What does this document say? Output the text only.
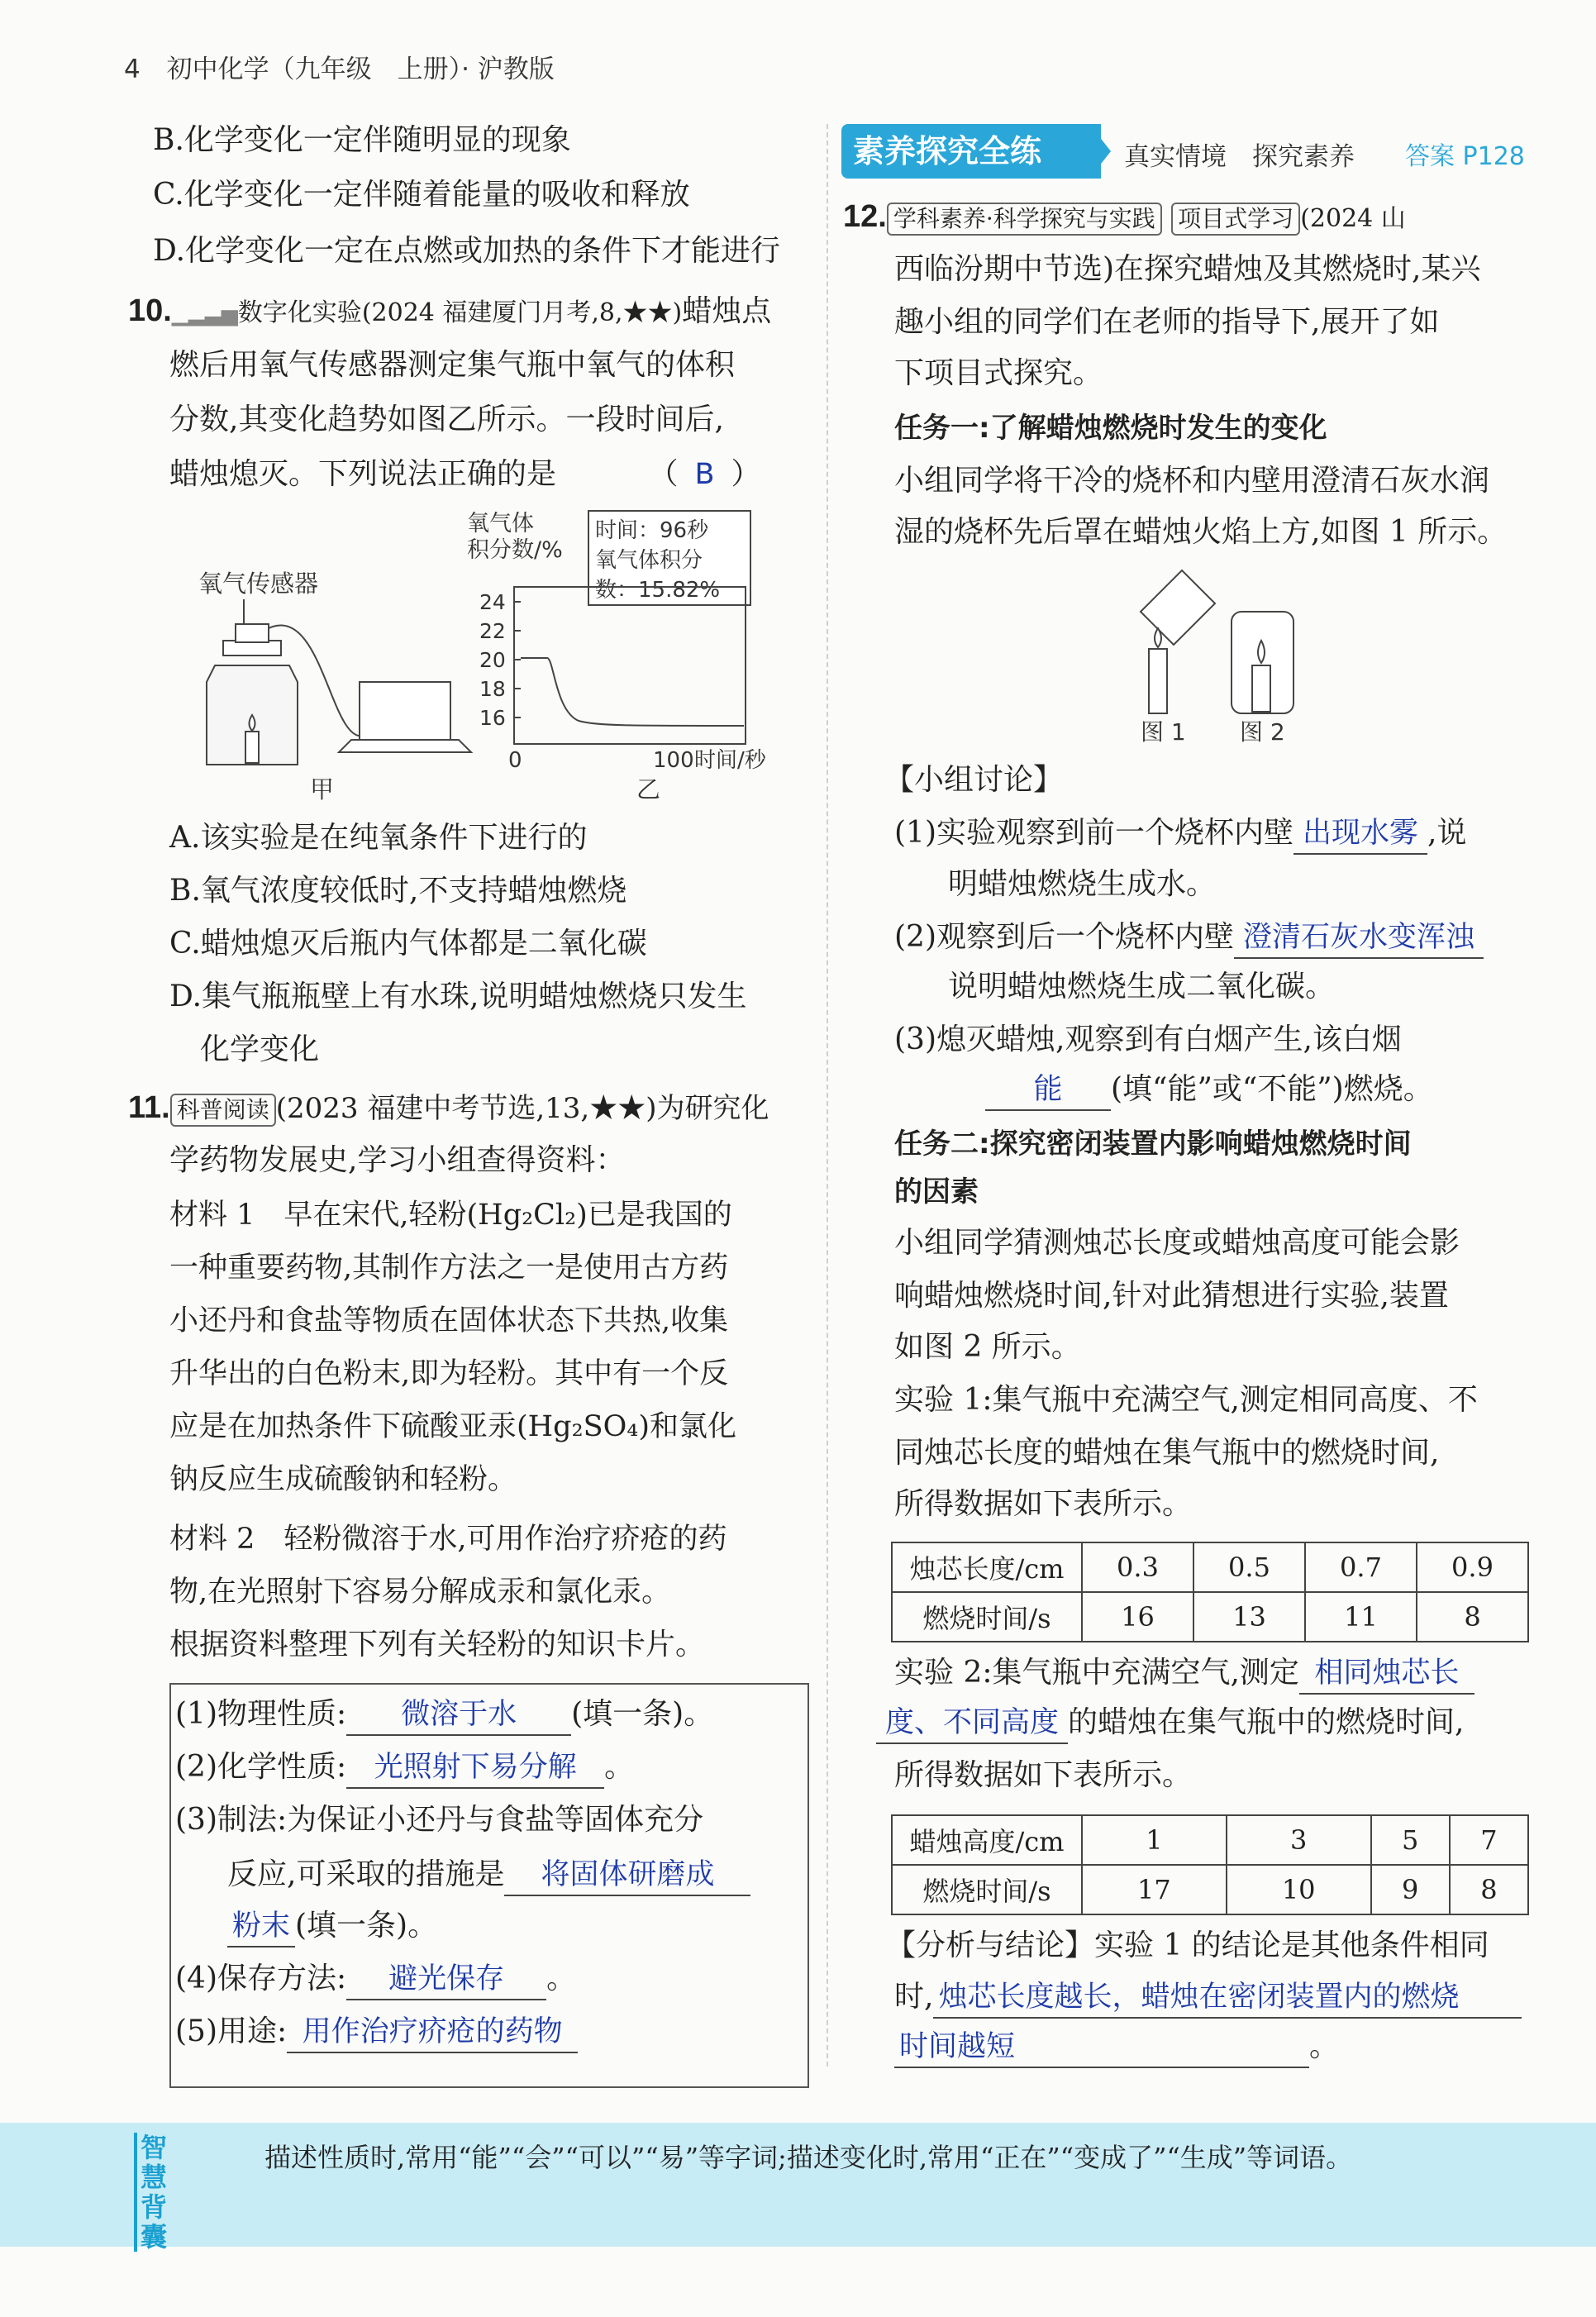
4 初中化学（九年级　上册）· 沪教版
B.化学变化一定伴随明显的现象
C.化学变化一定伴随着能量的吸收和释放
D.化学变化一定在点燃或加热的条件下才能进行
10.▁▂▃▅数字化实验(2024 福建厦门月考,8,★★)蜡烛点
燃后用氧气传感器测定集气瓶中氧气的体积
分数,其变化趋势如图乙所示。一段时间后,
蜡烛熄灭。下列说法正确的是	（ B ）
氧气传感器
甲
氧气体
积分数/%
时间：96秒
氧气体积分
数：15.82%
24
22
20
18
16
0	100 时间/秒
乙
A.该实验是在纯氧条件下进行的
B.氧气浓度较低时,不支持蜡烛燃烧
C.蜡烛熄灭后瓶内气体都是二氧化碳
D.集气瓶瓶壁上有水珠,说明蜡烛燃烧只发生
化学变化
11. 科普阅读 (2023 福建中考节选,13,★★)为研究化
学药物发展史,学习小组查得资料：
材料 1　早在宋代,轻粉(Hg₂Cl₂)已是我国的
一种重要药物,其制作方法之一是使用古方药
小还丹和食盐等物质在固体状态下共热,收集
升华出的白色粉末,即为轻粉。其中有一个反
应是在加热条件下硫酸亚汞(Hg₂SO₄)和氯化
钠反应生成硫酸钠和轻粉。
材料 2　轻粉微溶于水,可用作治疗疥疮的药
物,在光照射下容易分解成汞和氯化汞。
根据资料整理下列有关轻粉的知识卡片。
(1)物理性质: 微溶于水 (填一条)。
(2)化学性质: 光照射下易分解 。
(3)制法:为保证小还丹与食盐等固体充分
反应,可采取的措施是 将固体研磨成
粉末 (填一条)。
(4)保存方法: 避光保存 。
(5)用途: 用作治疗疥疮的药物
素养探究全练	真实情境　探究素养 答案 P128
12. 学科素养·科学探究与实践 项目式学习 (2024 山
西临汾期中节选)在探究蜡烛及其燃烧时,某兴
趣小组的同学们在老师的指导下,展开了如
下项目式探究。
任务一:了解蜡烛燃烧时发生的变化
小组同学将干冷的烧杯和内壁用澄清石灰水润
湿的烧杯先后罩在蜡烛火焰上方,如图 1 所示。
图 1 图 2
【小组讨论】
(1)实验观察到前一个烧杯内壁 出现水雾 ,说
明蜡烛燃烧生成水。
(2)观察到后一个烧杯内壁 澄清石灰水变浑浊
说明蜡烛燃烧生成二氧化碳。
(3)熄灭蜡烛,观察到有白烟产生,该白烟
能 (填“能”或“不能”)燃烧。
任务二:探究密闭装置内影响蜡烛燃烧时间
的因素
小组同学猜测烛芯长度或蜡烛高度可能会影
响蜡烛燃烧时间,针对此猜想进行实验,装置
如图 2 所示。
实验 1:集气瓶中充满空气,测定相同高度、不
同烛芯长度的蜡烛在集气瓶中的燃烧时间,
所得数据如下表所示。
烛芯长度/cm	0.3	0.5	0.7	0.9
燃烧时间/s	16	13	11	8
实验 2:集气瓶中充满空气,测定 相同烛芯长
度、不同高度 的蜡烛在集气瓶中的燃烧时间,
所得数据如下表所示。
蜡烛高度/cm	1	3	5	7
燃烧时间/s	17	10	9	8
【分析与结论】实验 1 的结论是其他条件相同
时, 烛芯长度越长，蜡烛在密闭装置内的燃烧
时间越短	。
智慧背囊
描述性质时,常用“能”“会”“可以”“易”等字词;描述变化时,常用“正在”“变成了”“生成”等词语。
